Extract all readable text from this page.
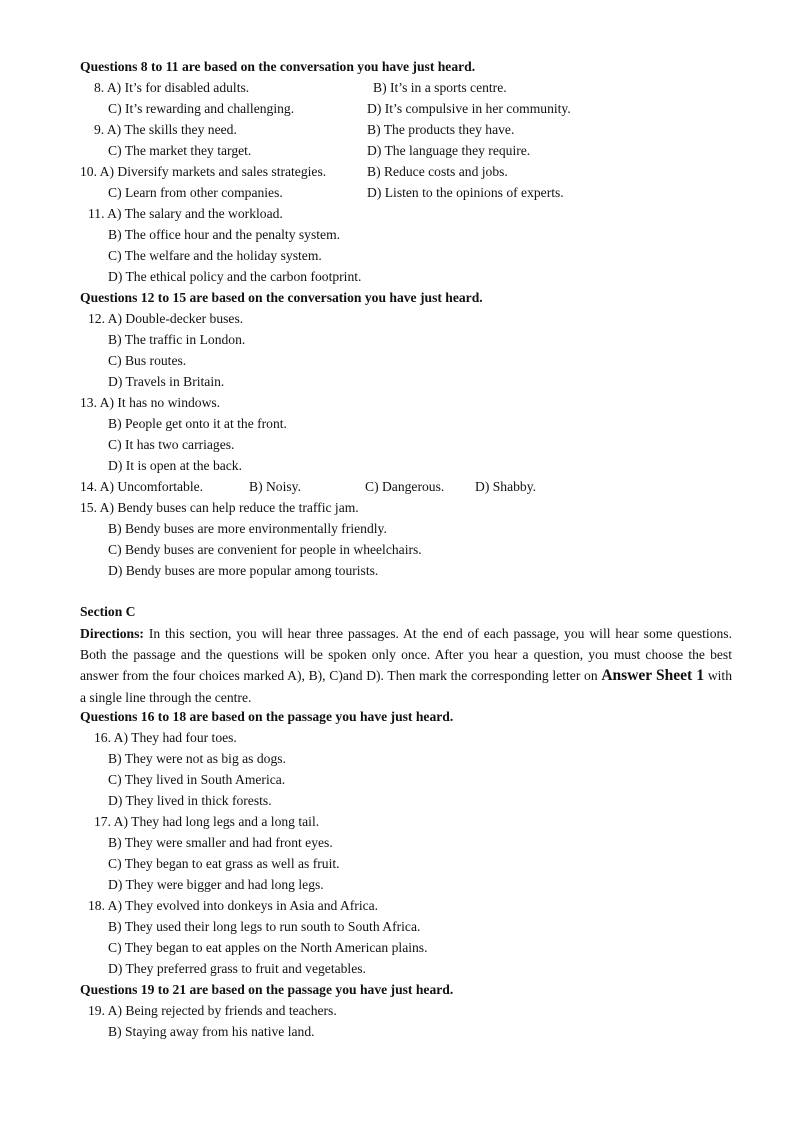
Questions 8 to 11 are based on the conversation you have just heard.
8. A) It’s for disabled adults.	B) It’s in a sports centre.
C) It’s rewarding and challenging.	D) It’s compulsive in her community.
9. A) The skills they need.	B) The products they have.
C) The market they target.	D) The language they require.
10. A) Diversify markets and sales strategies.	B) Reduce costs and jobs.
C) Learn from other companies.	D) Listen to the opinions of experts.
11. A) The salary and the workload.
B) The office hour and the penalty system.
C) The welfare and the holiday system.
D) The ethical policy and the carbon footprint.
Questions 12 to 15 are based on the conversation you have just heard.
12. A) Double-decker buses.
B) The traffic in London.
C) Bus routes.
D) Travels in Britain.
13. A) It has no windows.
B) People get onto it at the front.
C) It has two carriages.
D) It is open at the back.
14. A) Uncomfortable.	B) Noisy.	C) Dangerous. D) Shabby.
15. A) Bendy buses can help reduce the traffic jam.
B) Bendy buses are more environmentally friendly.
C) Bendy buses are convenient for people in wheelchairs.
D) Bendy buses are more popular among tourists.
Section C
Directions: In this section, you will hear three passages. At the end of each passage, you will hear some questions. Both the passage and the questions will be spoken only once. After you hear a question, you must choose the best answer from the four choices marked A), B), C)and D). Then mark the corresponding letter on Answer Sheet 1 with a single line through the centre.
Questions 16 to 18 are based on the passage you have just heard.
16. A) They had four toes.
B) They were not as big as dogs.
C) They lived in South America.
D) They lived in thick forests.
17. A) They had long legs and a long tail.
B) They were smaller and had front eyes.
C) They began to eat grass as well as fruit.
D) They were bigger and had long legs.
18. A) They evolved into donkeys in Asia and Africa.
B) They used their long legs to run south to South Africa.
C) They began to eat apples on the North American plains.
D) They preferred grass to fruit and vegetables.
Questions 19 to 21 are based on the passage you have just heard.
19. A) Being rejected by friends and teachers.
B) Staying away from his native land.
